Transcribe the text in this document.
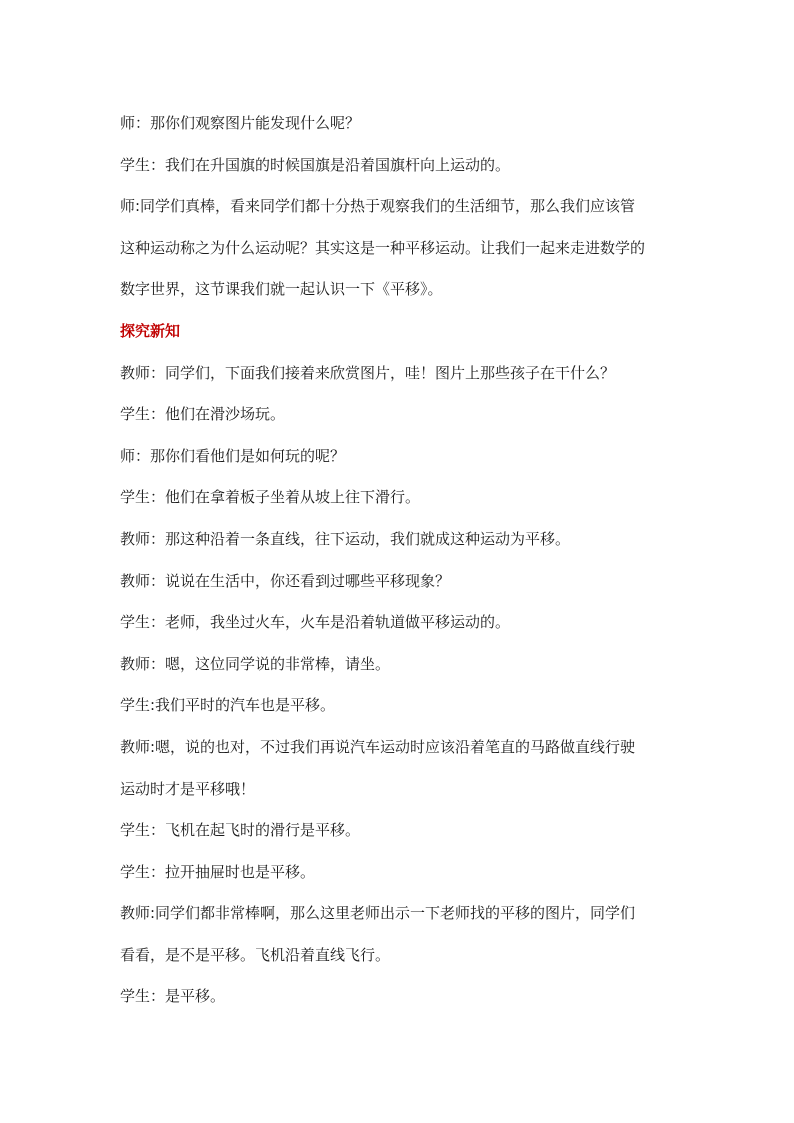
师：那你们观察图片能发现什么呢？

学生：我们在升国旗的时候国旗是沿着国旗杆向上运动的。

师:同学们真棒，看来同学们都十分热于观察我们的生活细节，那么我们应该管
这种运动称之为什么运动呢？其实这是一种平移运动。让我们一起来走进数学的
数字世界，这节课我们就一起认识一下《平移》。

探究新知

教师：同学们，下面我们接着来欣赏图片，哇！图片上那些孩子在干什么？

学生：他们在滑沙场玩。

师：那你们看他们是如何玩的呢？

学生：他们在拿着板子坐着从坡上往下滑行。

教师：那这种沿着一条直线，往下运动，我们就成这种运动为平移。

教师：说说在生活中，你还看到过哪些平移现象？

学生：老师，我坐过火车，火车是沿着轨道做平移运动的。

教师：嗯，这位同学说的非常棒，请坐。

学生:我们平时的汽车也是平移。

教师:嗯，说的也对，不过我们再说汽车运动时应该沿着笔直的马路做直线行驶
运动时才是平移哦！

学生：飞机在起飞时的滑行是平移。

学生：拉开抽屉时也是平移。

教师:同学们都非常棒啊，那么这里老师出示一下老师找的平移的图片，同学们
看看，是不是平移。飞机沿着直线飞行。

学生：是平移。
